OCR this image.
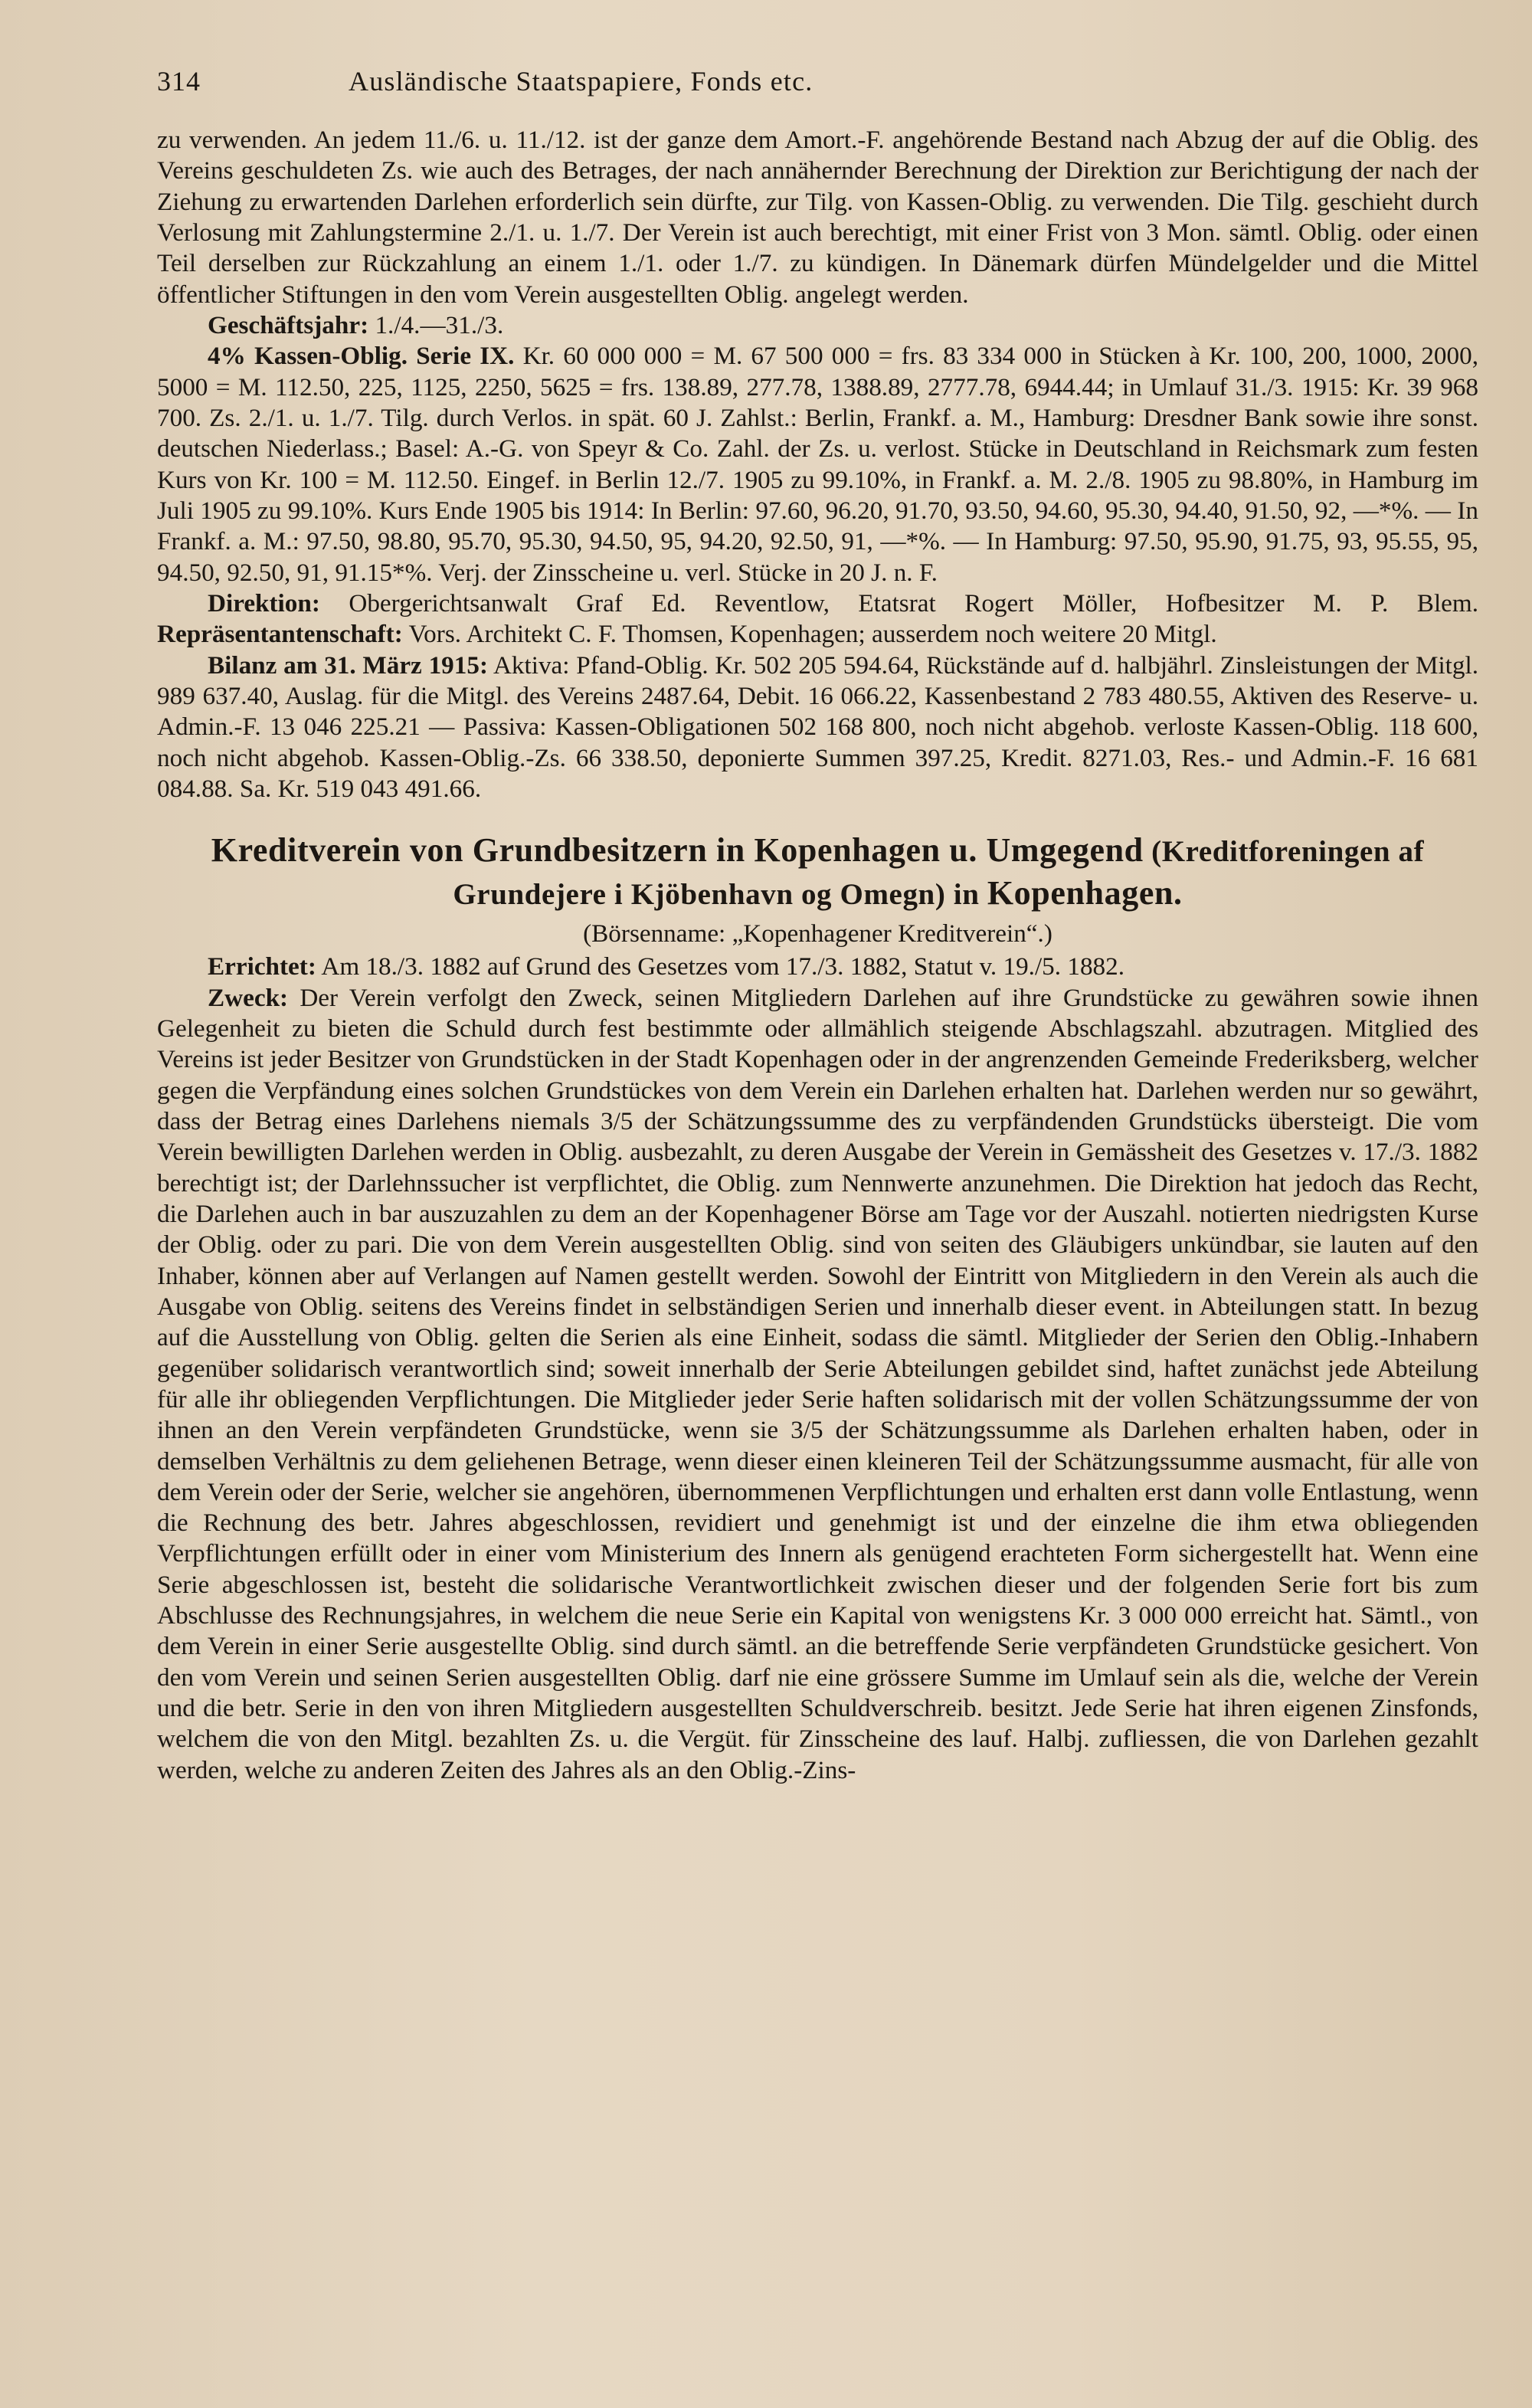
314	Ausländische Staatspapiere, Fonds etc.

zu verwenden. An jedem 11./6. u. 11./12. ist der ganze dem Amort.-F. angehörende Bestand nach Abzug der auf die Oblig. des Vereins geschuldeten Zs. wie auch des Betrages, der nach annähernder Berechnung der Direktion zur Berichtigung der nach der Ziehung zu erwartenden Darlehen erforderlich sein dürfte, zur Tilg. von Kassen-Oblig. zu verwenden. Die Tilg. geschieht durch Verlosung mit Zahlungstermine 2./1. u. 1./7. Der Verein ist auch berechtigt, mit einer Frist von 3 Mon. sämtl. Oblig. oder einen Teil derselben zur Rückzahlung an einem 1./1. oder 1./7. zu kündigen. In Dänemark dürfen Mündelgelder und die Mittel öffentlicher Stiftungen in den vom Verein ausgestellten Oblig. angelegt werden.

Geschäftsjahr: 1./4.—31./3.

4% Kassen-Oblig. Serie IX. Kr. 60 000 000 = M. 67 500 000 = frs. 83 334 000 in Stücken à Kr. 100, 200, 1000, 2000, 5000 = M. 112.50, 225, 1125, 2250, 5625 = frs. 138.89, 277.78, 1388.89, 2777.78, 6944.44; in Umlauf 31./3. 1915: Kr. 39 968 700. Zs. 2./1. u. 1./7. Tilg. durch Verlos. in spät. 60 J. Zahlst.: Berlin, Frankf. a. M., Hamburg: Dresdner Bank sowie ihre sonst. deutschen Niederlass.; Basel: A.-G. von Speyr & Co. Zahl. der Zs. u. verlost. Stücke in Deutschland in Reichsmark zum festen Kurs von Kr. 100 = M. 112.50. Eingef. in Berlin 12./7. 1905 zu 99.10%, in Frankf. a. M. 2./8. 1905 zu 98.80%, in Hamburg im Juli 1905 zu 99.10%. Kurs Ende 1905 bis 1914: In Berlin: 97.60, 96.20, 91.70, 93.50, 94.60, 95.30, 94.40, 91.50, 92, —*%. — In Frankf. a. M.: 97.50, 98.80, 95.70, 95.30, 94.50, 95, 94.20, 92.50, 91, —*%. — In Hamburg: 97.50, 95.90, 91.75, 93, 95.55, 95, 94.50, 92.50, 91, 91.15*%. Verj. der Zinsscheine u. verl. Stücke in 20 J. n. F.

Direktion: Obergerichtsanwalt Graf Ed. Reventlow, Etatsrat Rogert Möller, Hofbesitzer M. P. Blem. Repräsentantenschaft: Vors. Architekt C. F. Thomsen, Kopenhagen; ausserdem noch weitere 20 Mitgl.

Bilanz am 31. März 1915: Aktiva: Pfand-Oblig. Kr. 502 205 594.64, Rückstände auf d. halbjährl. Zinsleistungen der Mitgl. 989 637.40, Auslag. für die Mitgl. des Vereins 2487.64, Debit. 16 066.22, Kassenbestand 2 783 480.55, Aktiven des Reserve- u. Admin.-F. 13 046 225.21 — Passiva: Kassen-Obligationen 502 168 800, noch nicht abgehob. verloste Kassen-Oblig. 118 600, noch nicht abgehob. Kassen-Oblig.-Zs. 66 338.50, deponierte Summen 397.25, Kredit. 8271.03, Res.- und Admin.-F. 16 681 084.88. Sa. Kr. 519 043 491.66.

Kreditverein von Grundbesitzern in Kopenhagen u. Umgegend (Kreditforeningen af Grundejere i Kjöbenhavn og Omegn) in Kopenhagen.

(Börsenname: „Kopenhagener Kreditverein“.)

Errichtet: Am 18./3. 1882 auf Grund des Gesetzes vom 17./3. 1882, Statut v. 19./5. 1882.

Zweck: Der Verein verfolgt den Zweck, seinen Mitgliedern Darlehen auf ihre Grundstücke zu gewähren sowie ihnen Gelegenheit zu bieten die Schuld durch fest bestimmte oder allmählich steigende Abschlagszahl. abzutragen. Mitglied des Vereins ist jeder Besitzer von Grundstücken in der Stadt Kopenhagen oder in der angrenzenden Gemeinde Frederiksberg, welcher gegen die Verpfändung eines solchen Grundstückes von dem Verein ein Darlehen erhalten hat. Darlehen werden nur so gewährt, dass der Betrag eines Darlehens niemals 3/5 der Schätzungssumme des zu verpfändenden Grundstücks übersteigt. Die vom Verein bewilligten Darlehen werden in Oblig. ausbezahlt, zu deren Ausgabe der Verein in Gemässheit des Gesetzes v. 17./3. 1882 berechtigt ist; der Darlehnssucher ist verpflichtet, die Oblig. zum Nennwerte anzunehmen. Die Direktion hat jedoch das Recht, die Darlehen auch in bar auszuzahlen zu dem an der Kopenhagener Börse am Tage vor der Auszahl. notierten niedrigsten Kurse der Oblig. oder zu pari. Die von dem Verein ausgestellten Oblig. sind von seiten des Gläubigers unkündbar, sie lauten auf den Inhaber, können aber auf Verlangen auf Namen gestellt werden. Sowohl der Eintritt von Mitgliedern in den Verein als auch die Ausgabe von Oblig. seitens des Vereins findet in selbständigen Serien und innerhalb dieser event. in Abteilungen statt. In bezug auf die Ausstellung von Oblig. gelten die Serien als eine Einheit, sodass die sämtl. Mitglieder der Serien den Oblig.-Inhabern gegenüber solidarisch verantwortlich sind; soweit innerhalb der Serie Abteilungen gebildet sind, haftet zunächst jede Abteilung für alle ihr obliegenden Verpflichtungen. Die Mitglieder jeder Serie haften solidarisch mit der vollen Schätzungssumme der von ihnen an den Verein verpfändeten Grundstücke, wenn sie 3/5 der Schätzungssumme als Darlehen erhalten haben, oder in demselben Verhältnis zu dem geliehenen Betrage, wenn dieser einen kleineren Teil der Schätzungssumme ausmacht, für alle von dem Verein oder der Serie, welcher sie angehören, übernommenen Verpflichtungen und erhalten erst dann volle Entlastung, wenn die Rechnung des betr. Jahres abgeschlossen, revidiert und genehmigt ist und der einzelne die ihm etwa obliegenden Verpflichtungen erfüllt oder in einer vom Ministerium des Innern als genügend erachteten Form sichergestellt hat. Wenn eine Serie abgeschlossen ist, besteht die solidarische Verantwortlichkeit zwischen dieser und der folgenden Serie fort bis zum Abschlusse des Rechnungsjahres, in welchem die neue Serie ein Kapital von wenigstens Kr. 3 000 000 erreicht hat. Sämtl., von dem Verein in einer Serie ausgestellte Oblig. sind durch sämtl. an die betreffende Serie verpfändeten Grundstücke gesichert. Von den vom Verein und seinen Serien ausgestellten Oblig. darf nie eine grössere Summe im Umlauf sein als die, welche der Verein und die betr. Serie in den von ihren Mitgliedern ausgestellten Schuldverschreib. besitzt. Jede Serie hat ihren eigenen Zinsfonds, welchem die von den Mitgl. bezahlten Zs. u. die Vergüt. für Zinsscheine des lauf. Halbj. zufliessen, die von Darlehen gezahlt werden, welche zu anderen Zeiten des Jahres als an den Oblig.-Zins-
